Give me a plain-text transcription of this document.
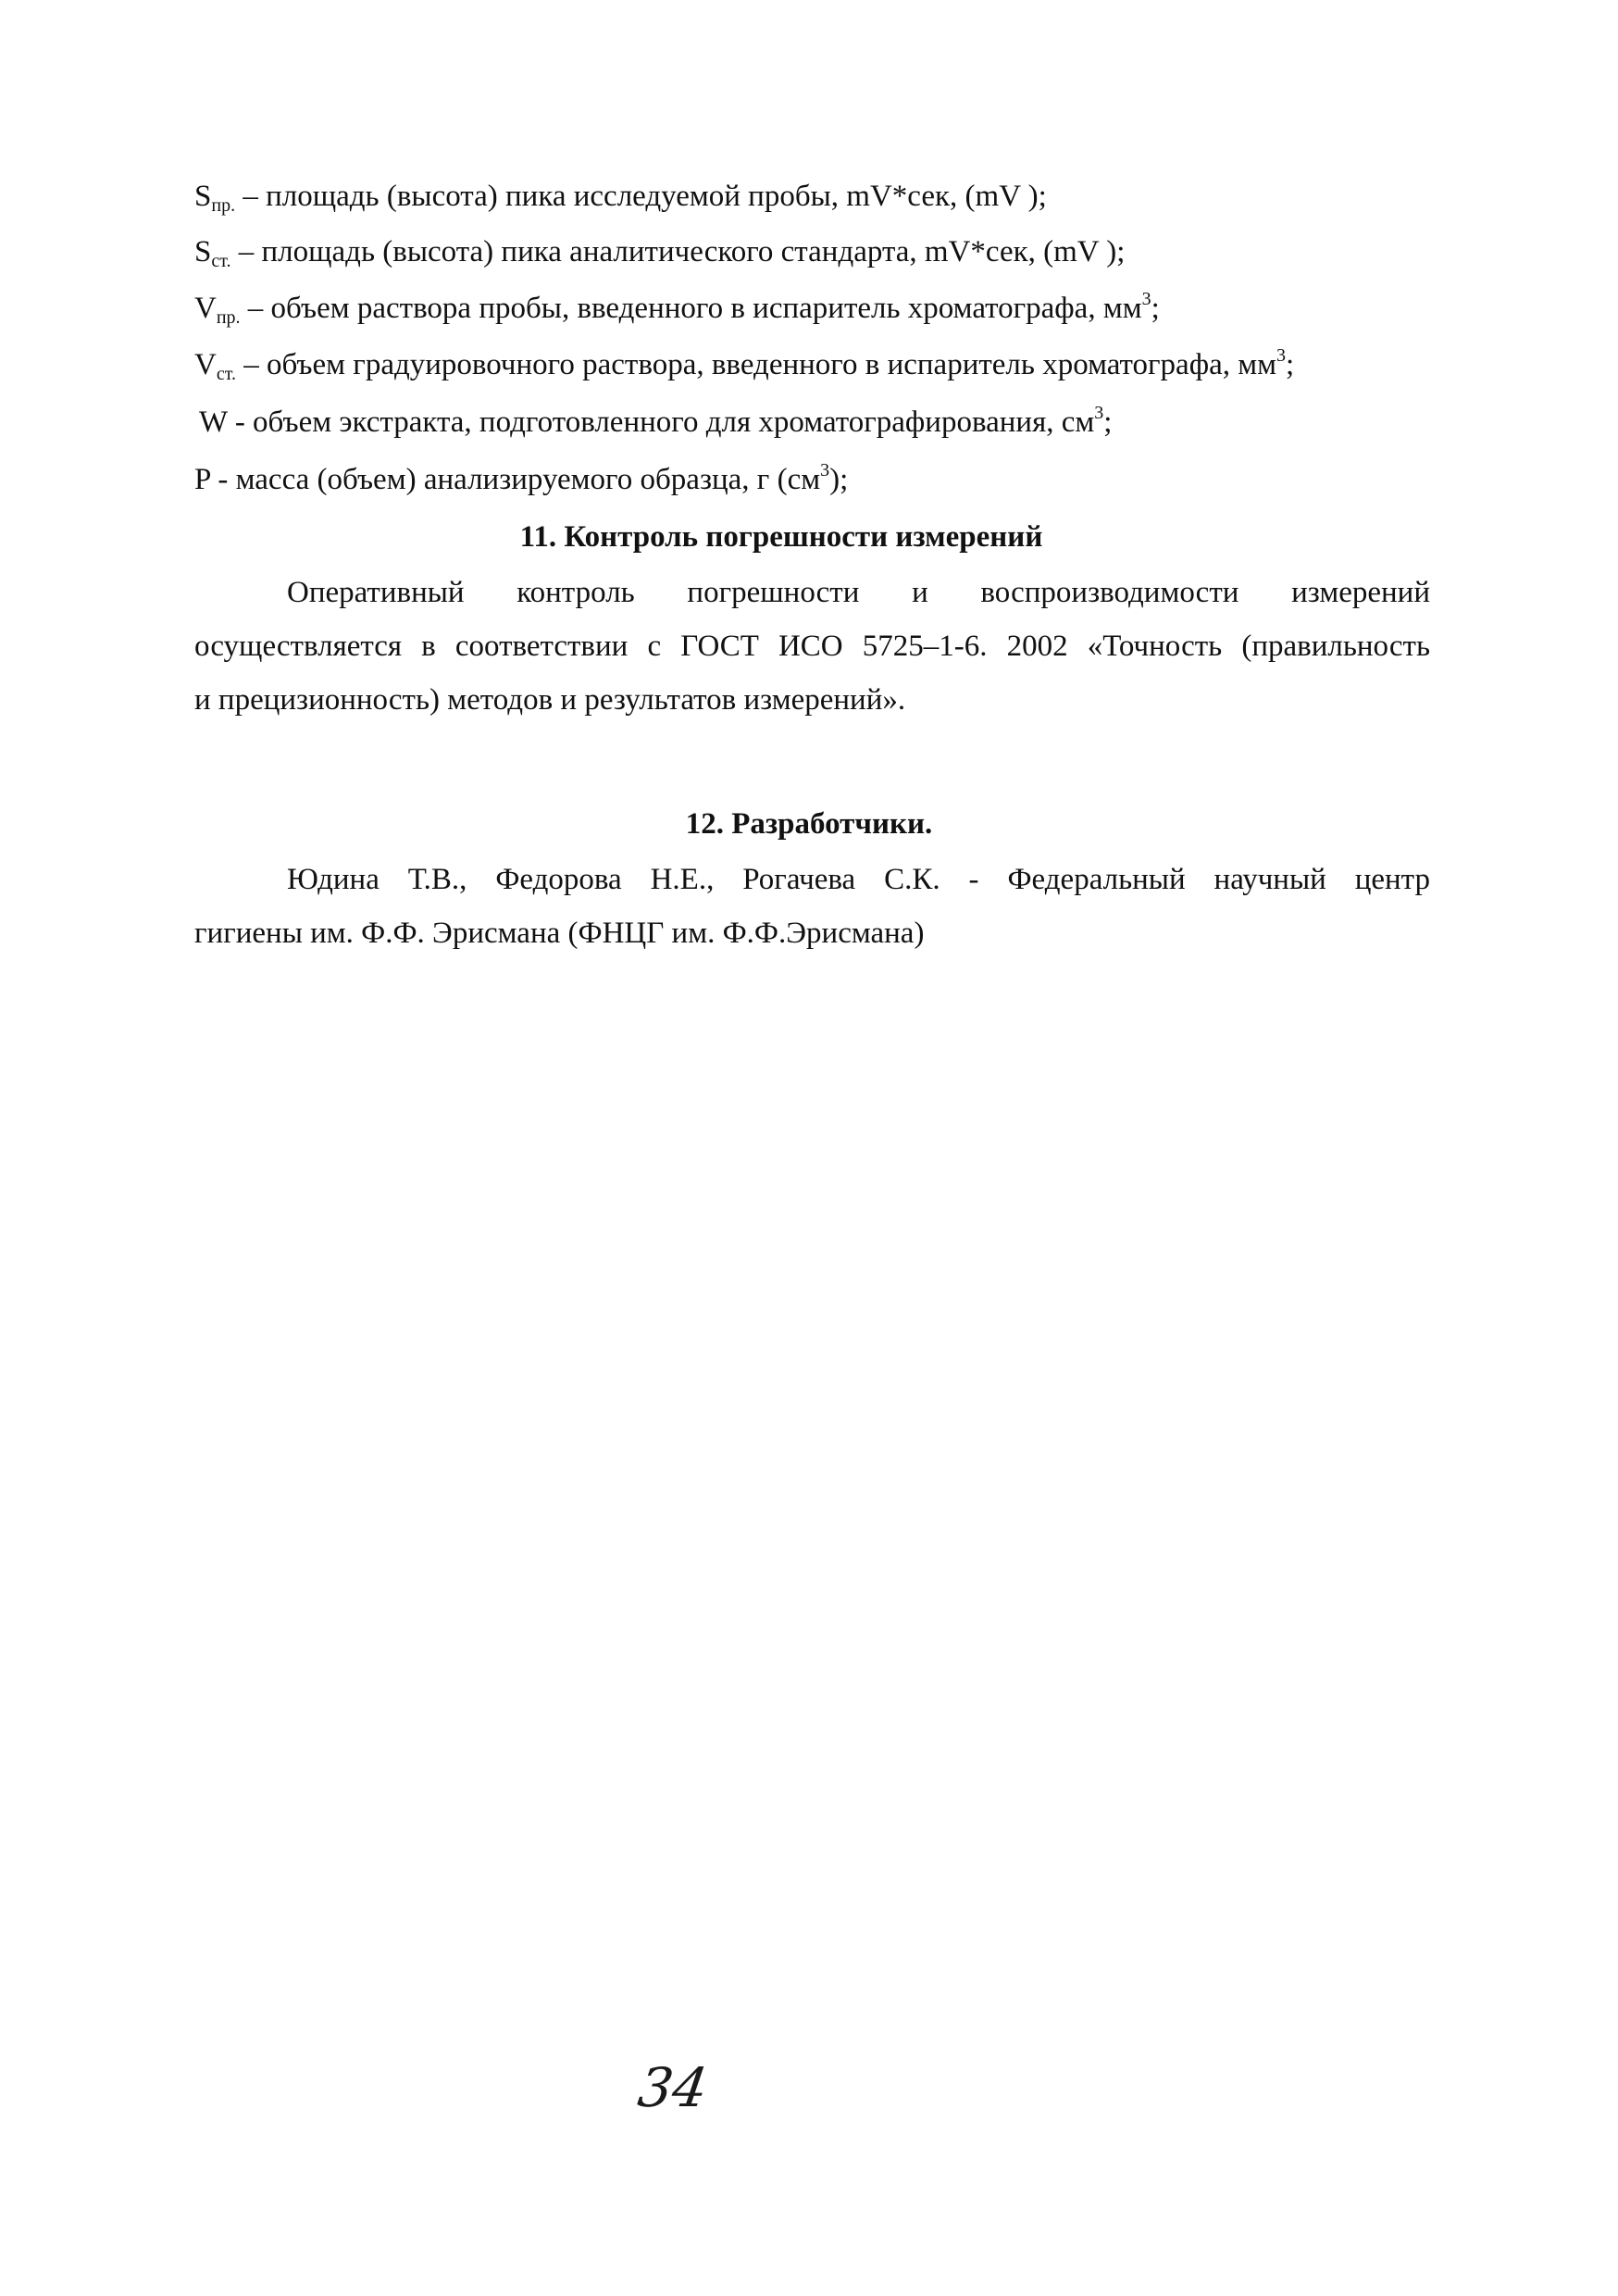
$S_{пр.}$ – площадь (высота) пика исследуемой пробы, mV*сек, (mV );
$S_{ст.}$ – площадь (высота) пика аналитического стандарта, mV*сек, (mV );
$V_{пр.}$ – объем раствора пробы, введенного в испаритель хроматографа, $мм^3$;
$V_{ст.}$ – объем градуировочного раствора, введенного в испаритель хроматографа, $мм^3$;
W - объем экстракта, подготовленного для хроматографирования, $см^3$;
P - масса (объем) анализируемого образца, г $(см^3)$;
11. Контроль погрешности измерений
Оперативный контроль погрешности и воспроизводимости измерений
осуществляется в соответствии с ГОСТ ИСО 5725–1-6. 2002 «Точность (правильность
и прецизионность) методов и результатов измерений».
12. Разработчики.
Юдина Т.В., Федорова Н.Е., Рогачева С.К. - Федеральный научный центр
гигиены им. Ф.Ф. Эрисмана (ФНЦГ им. Ф.Ф.Эрисмана)
34
